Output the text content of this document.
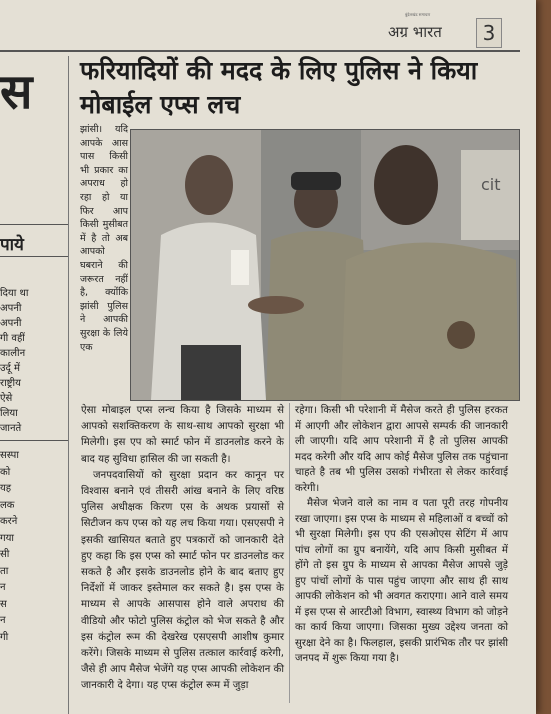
बुंदेलखंड समाचार
अग्र भारत	3
स
पाये
दिया था
अपनी
अपनी
गी वहीं
कालीन
उर्दू में
राष्ट्रीय
ऐसे
लिया
जानते
सस्पा
को
यह
लक
करने
गया
सी
ता
न
स
न
गी
फरियादियों की मदद के लिए पुलिस ने किया मोबाईल एप्स लच
झांसी। यदि आपके आस पास किसी भी प्रकार का अपराध हो रहा हो या फिर आप किसी मुसीबत में है तो अब आपको घबराने की जरूरत नहीं है, क्योंकि झांसी पुलिस ने आपकी सुरक्षा के लिये एक
cit

ऐसा मोबाइल एप्स लन्च किया है जिसके माध्यम से आपको सशक्तिकरण के साथ-साथ आपको सुरक्षा भी मिलेगी। इस एप को स्मार्ट फोन में डाउनलोड करने के बाद यह सुविधा हासिल की जा सकती है।

जनपदवासियों को सुरक्षा प्रदान कर कानून पर विश्वास बनाने एवं तीसरी आंख बनाने के लिए वरिष्ठ पुलिस अधीक्षक किरण एस के अथक प्रयासों से सिटीजन कप एप्स को यह लच किया गया। एसएसपी ने इसकी खासियत बताते हुए पत्रकारों को जानकारी देते हुए कहा कि इस एप्स को स्मार्ट फोन पर डाउनलोड कर सकते है और इसके डाउनलोड होने के बाद बताए हुए निर्देशों में जाकर इस्तेमाल कर सकते है। इस एप्स के माध्यम से आपके आसपास होने वाले अपराध की वीडियो और फोटो पुलिस कंट्रोल को भेज सकते है और इस कंट्रोल रूम की देखरेख एसएसपी आशीष कुमार करेंगे। जिसके माध्यम से पुलिस तत्काल कार्रवाई करेगी, जैसे ही आप मैसेज भेजेंगे यह एप्स आपकी लोकेशन की जानकारी दे देगा। यह एप्स कंट्रोल रूम में जुड़ा

रहेगा। किसी भी परेशानी में मैसेज करते ही पुलिस हरकत में आएगी और लोकेशन द्वारा आपसे सम्पर्क की जानकारी ली जाएगी। यदि आप परेशानी में है तो पुलिस आपकी मदद करेगी और यदि आप कोई मैसेज पुलिस तक पहुंचाना चाहते है तब भी पुलिस उसको गंभीरता से लेकर कार्रवाई करेगी।

मैसेज भेजने वाले का नाम व पता पूरी तरह गोपनीय रखा जाएगा। इस एप्स के माध्यम से महिलाओं व बच्चों को भी सुरक्षा मिलेगी। इस एप की एसओएस सेटिंग में आप पांच लोगों का ग्रुप बनायेंगे, यदि आप किसी मुसीबत में होंगे तो इस ग्रुप के माध्यम से आपका मैसेज आपसे जुड़े हुए पांचों लोगों के पास पहुंच जाएगा और साथ ही साथ आपकी लोकेशन को भी अवगत कराएगा। आने वाले समय में इस एप्स से आरटीओ विभाग, स्वास्थ्य विभाग को जोड़ने का कार्य किया जाएगा। जिसका मुख्य उद्देश्य जनता को सुरक्षा देने का है। फिलहाल, इसकी प्रारंभिक तौर पर झांसी जनपद में शुरू किया गया है।
